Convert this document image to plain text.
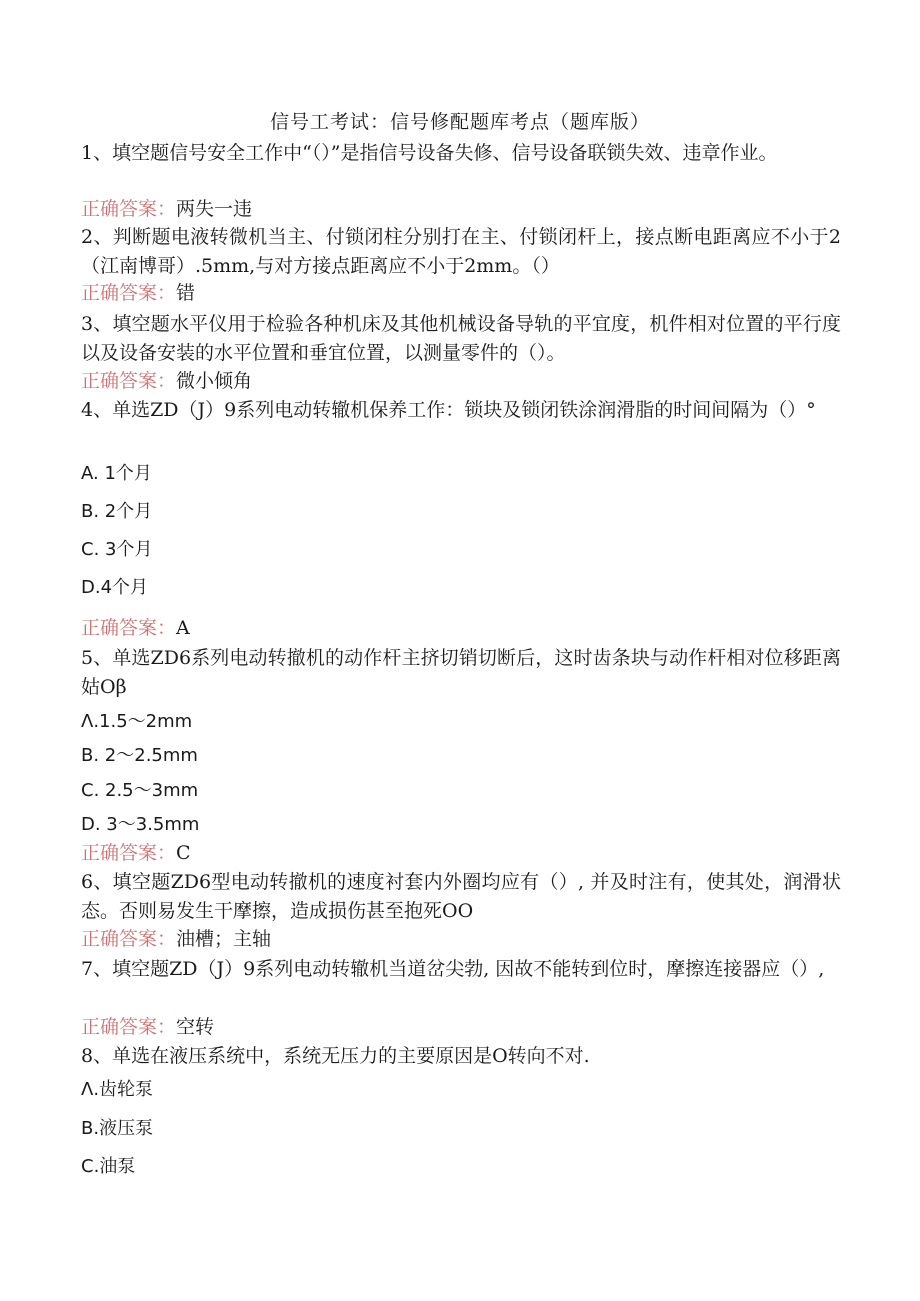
信号工考试：信号修配题库考点（题库版）
1、填空题信号安全工作中“（）”是指信号设备失修、信号设备联锁失效、违章作业。
正确答案：两失一违
2、判断题电液转微机当主、付锁闭柱分别打在主、付锁闭杆上，接点断电距离应不小于2（江南博哥）.5mm,与对方接点距离应不小于2mm。（）
正确答案：错
3、填空题水平仪用于检验各种机床及其他机械设备导轨的平宜度，机件相对位置的平行度以及设备安装的水平位置和垂宜位置，以测量零件的（）。
正确答案：微小倾角
4、单选ZD（J）9系列电动转辙机保养工作：锁块及锁闭铁涂润滑脂的时间间隔为（）°
A. 1个月
B. 2个月
C. 3个月
D.4个月
正确答案：A
5、单选ZD6系列电动转撤机的动作杆主挤切销切断后，这时齿条块与动作杆相对位移距离姑Oβ
Λ.1.5～2mm
B. 2～2.5mm
C. 2.5～3mm
D. 3～3.5mm
正确答案：C
6、填空题ZD6型电动转撤机的速度衬套内外圈均应有（）, 并及时注有，使其处，润滑状态。否则易发生干摩擦，造成损伤甚至抱死OO
正确答案：油槽；主轴
7、填空题ZD（J）9系列电动转辙机当道岔尖勃, 因故不能转到位时，摩擦连接器应（）,
正确答案：空转
8、单选在液压系统中，系统无压力的主要原因是O转向不对.
Λ.齿轮泵
B.液压泵
C.油泵
